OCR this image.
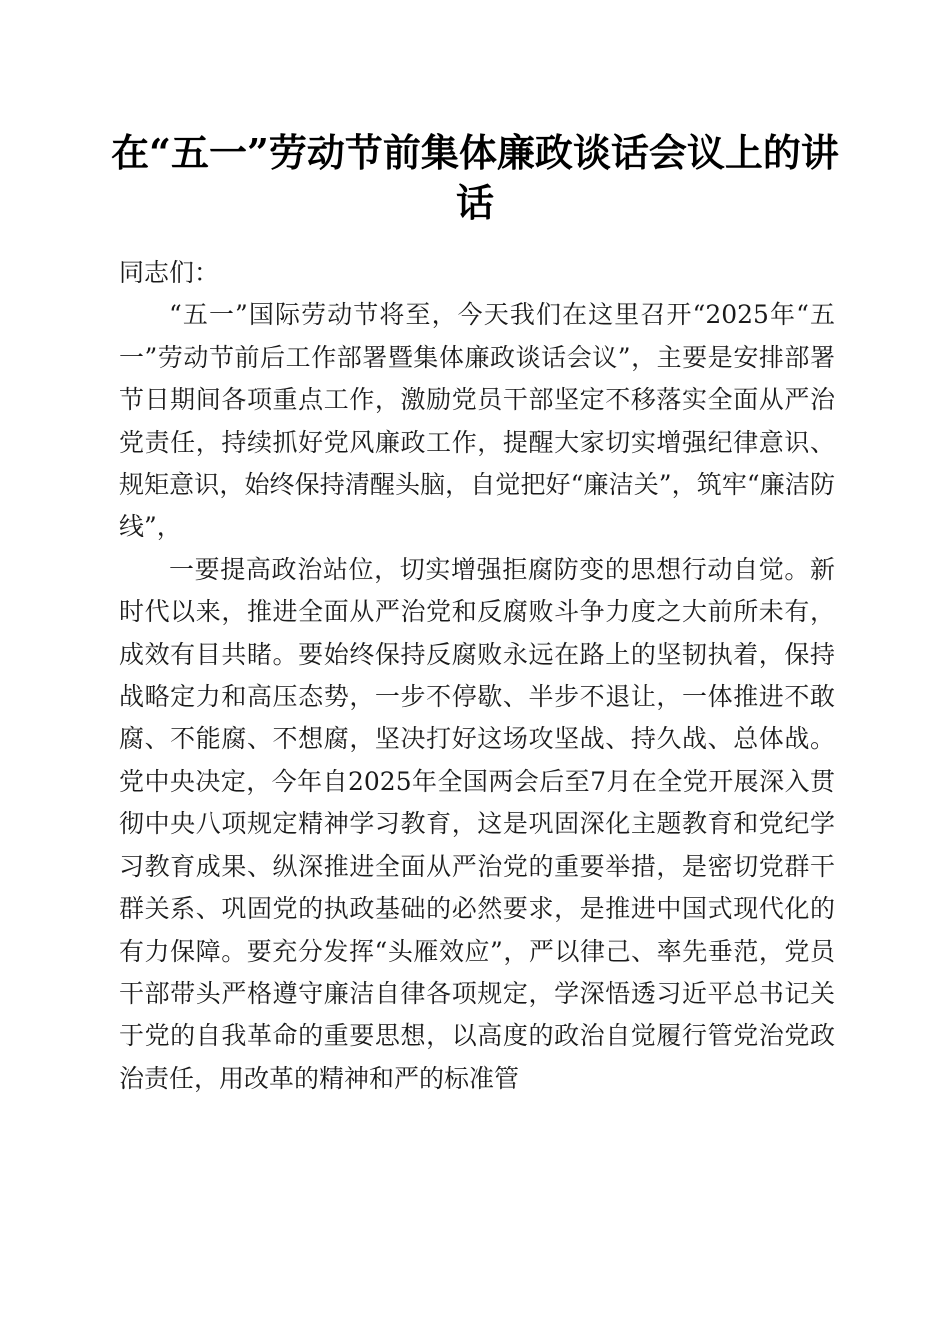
在“五一”劳动节前集体廉政谈话会议上的讲话

同志们：

“五一”国际劳动节将至，今天我们在这里召开“2025年“五一”劳动节前后工作部署暨集体廉政谈话会议”，主要是安排部署节日期间各项重点工作，激励党员干部坚定不移落实全面从严治党责任，持续抓好党风廉政工作，提醒大家切实增强纪律意识、规矩意识，始终保持清醒头脑，自觉把好“廉洁关”，筑牢“廉洁防线”，

一要提高政治站位，切实增强拒腐防变的思想行动自觉。新时代以来，推进全面从严治党和反腐败斗争力度之大前所未有，成效有目共睹。要始终保持反腐败永远在路上的坚韧执着，保持战略定力和高压态势，一步不停歇、半步不退让，一体推进不敢腐、不能腐、不想腐，坚决打好这场攻坚战、持久战、总体战。党中央决定，今年自2025年全国两会后至7月在全党开展深入贯彻中央八项规定精神学习教育，这是巩固深化主题教育和党纪学习教育成果、纵深推进全面从严治党的重要举措，是密切党群干群关系、巩固党的执政基础的必然要求，是推进中国式现代化的有力保障。要充分发挥“头雁效应”，严以律己、率先垂范，党员干部带头严格遵守廉洁自律各项规定，学深悟透习近平总书记关于党的自我革命的重要思想，以高度的政治自觉履行管党治党政治责任，用改革的精神和严的标准管
